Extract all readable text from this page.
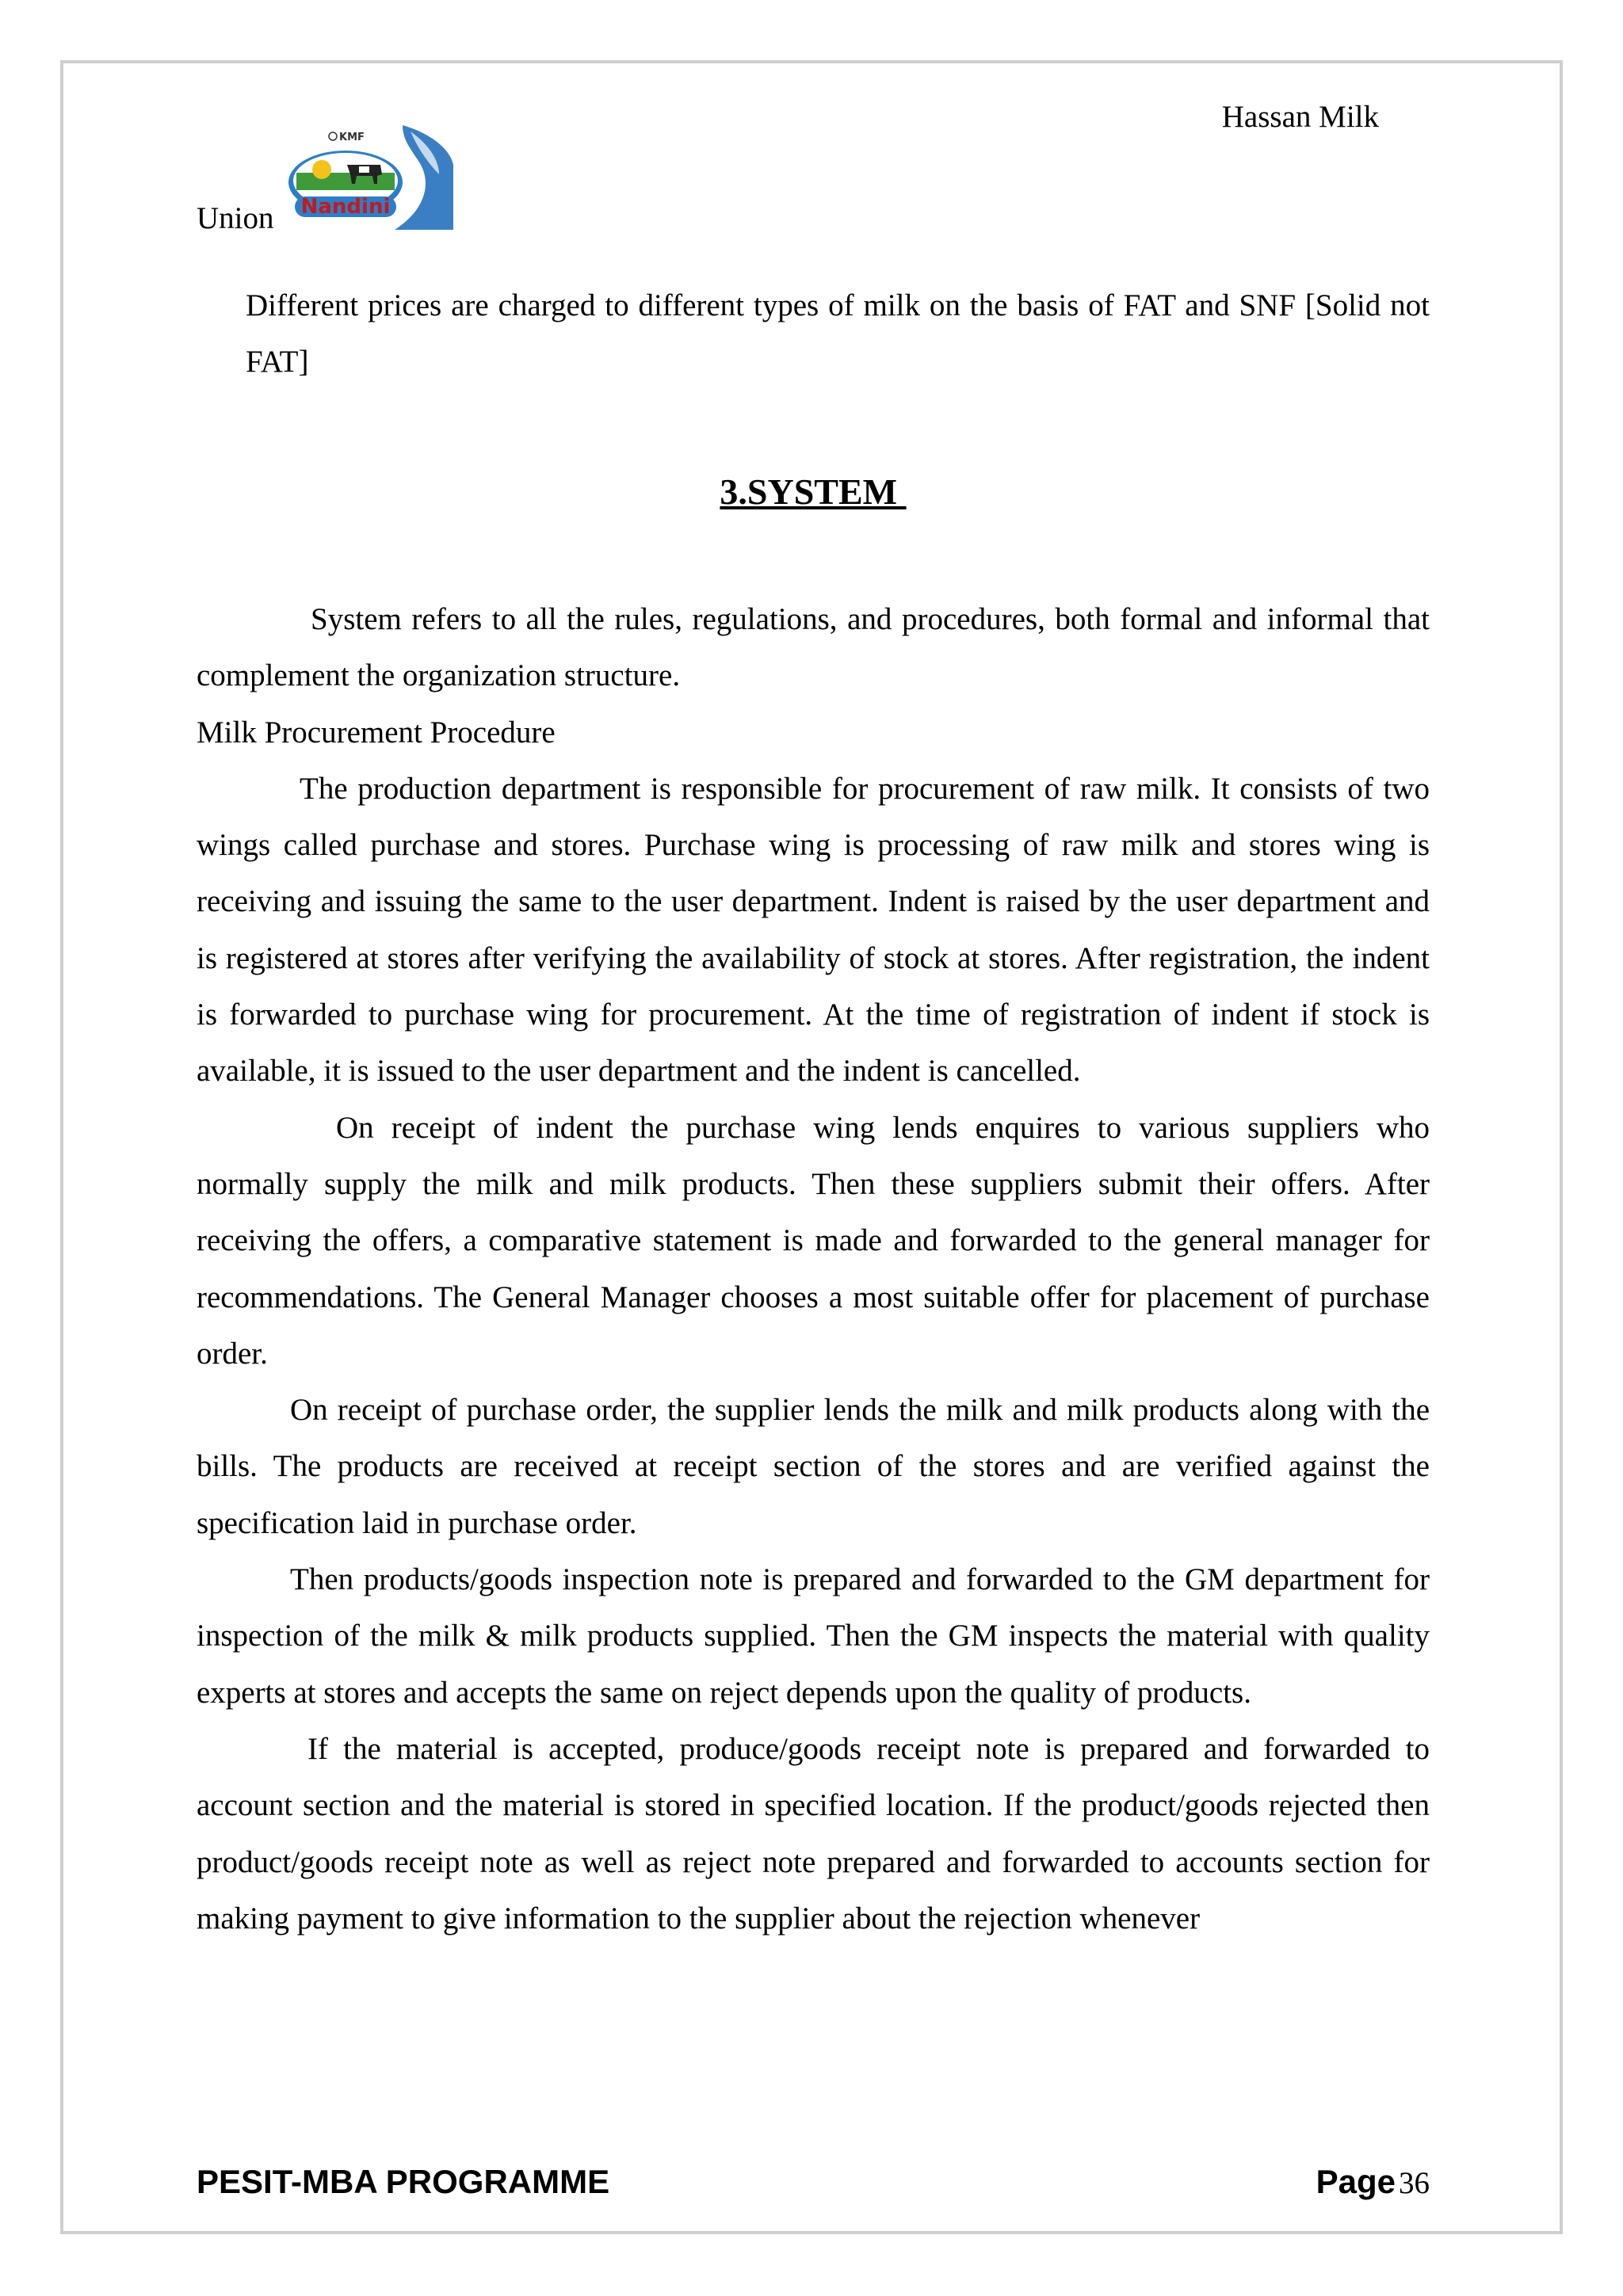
Hassan Milk
Union
KMF
Nandini

Different prices are charged to different types of milk on the basis of FAT and SNF [Solid not FAT]

3.SYSTEM

System refers to all the rules, regulations, and procedures, both formal and informal that complement the organization structure.

Milk Procurement Procedure

The production department is responsible for procurement of raw milk. It consists of two wings called purchase and stores. Purchase wing is processing of raw milk and stores wing is receiving and issuing the same to the user department. Indent is raised by the user department and is registered at stores after verifying the availability of stock at stores. After registration, the indent is forwarded to purchase wing for procurement. At the time of registration of indent if stock is available, it is issued to the user department and the indent is cancelled.

On receipt of indent the purchase wing lends enquires to various suppliers who normally supply the milk and milk products. Then these suppliers submit their offers. After receiving the offers, a comparative statement is made and forwarded to the general manager for recommendations. The General Manager chooses a most suitable offer for placement of purchase order.

On receipt of purchase order, the supplier lends the milk and milk products along with the bills. The products are received at receipt section of the stores and are verified against the specification laid in purchase order.

Then products/goods inspection note is prepared and forwarded to the GM department for inspection of the milk & milk products supplied. Then the GM inspects the material with quality experts at stores and accepts the same on reject depends upon the quality of products.

If the material is accepted, produce/goods receipt note is prepared and forwarded to account section and the material is stored in specified location. If the product/goods rejected then product/goods receipt note as well as reject note prepared and forwarded to accounts section for making payment to give information to the supplier about the rejection whenever

PESIT-MBA PROGRAMME	Page 36
